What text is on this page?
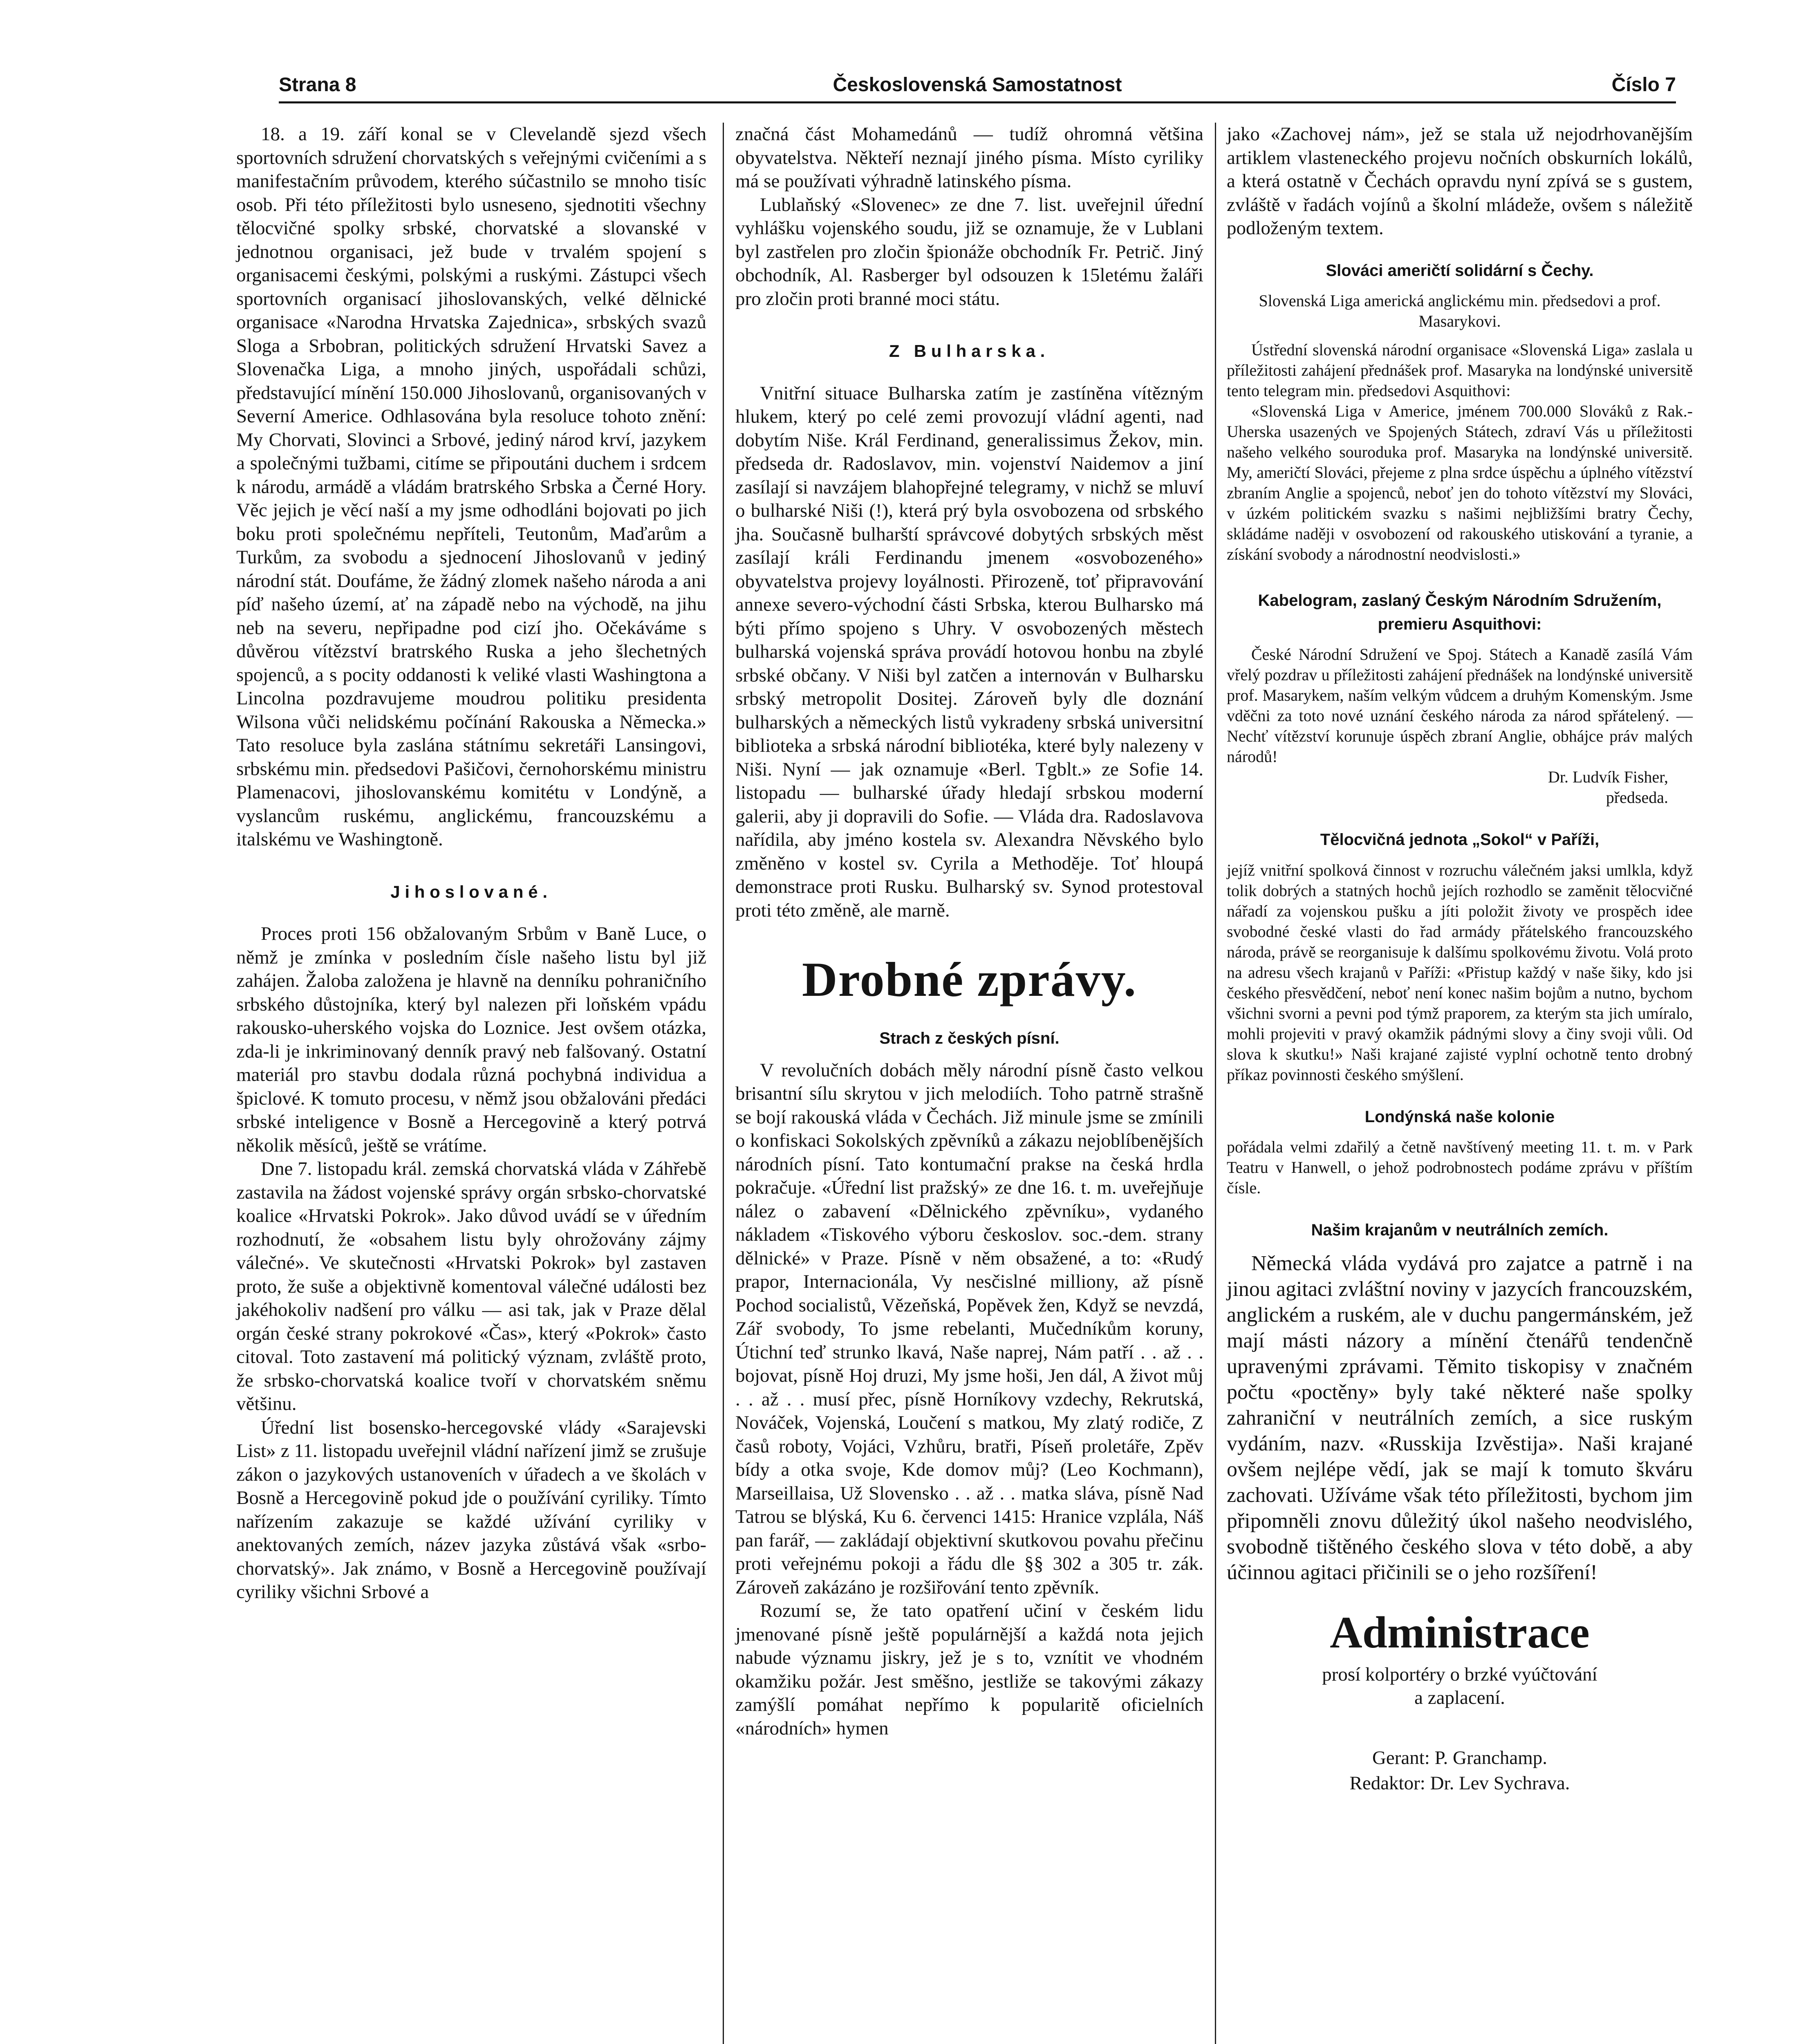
Strana 8	Československá Samostatnost	Číslo 7

18. a 19. září konal se v Clevelandě sjezd všech sportovních sdružení chorvatských s veřejnými cvičeními a s manifestačním průvodem, kterého súčastnilo se mnoho tisíc osob. Při této příležitosti bylo usneseno, sjednotiti všechny tělocvičné spolky srbské, chorvatské a slovanské v jednotnou organisaci, jež bude v trvalém spojení s organisacemi českými, polskými a ruskými. Zástupci všech sportovních organisací jihoslovanských, velké dělnické organisace «Narodna Hrvatska Zajednica», srbských svazů Sloga a Srbobran, politických sdružení Hrvatski Savez a Slovenačka Liga, a mnoho jiných, uspořádali schůzi, představující mínění 150.000 Jihoslovanů, organisovaných v Severní Americe. Odhlasována byla resoluce tohoto znění: My Chorvati, Slovinci a Srbové, jediný národ krví, jazykem a společnými tužbami, citíme se připoutáni duchem i srdcem k národu, armádě a vládám bratrského Srbska a Černé Hory. Věc jejich je věcí naší a my jsme odhodláni bojovati po jich boku proti společnému nepříteli, Teutonům, Maďarům a Turkům, za svobodu a sjednocení Jihoslovanů v jediný národní stát. Doufáme, že žádný zlomek našeho národa a ani píď našeho území, ať na západě nebo na východě, na jihu neb na severu, nepřipadne pod cizí jho. Očekáváme s důvěrou vítězství bratrského Ruska a jeho šlechetných spojenců, a s pocity oddanosti k veliké vlasti Washingtona a Lincolna pozdravujeme moudrou politiku presidenta Wilsona vůči nelidskému počínání Rakouska a Německa.» Tato resoluce byla zaslána státnímu sekretáři Lansingovi, srbskému min. předsedovi Pašičovi, černohorskému ministru Plamenacovi, jihoslovanskému komitétu v Londýně, a vyslancům ruskému, anglickému, francouzskému a italskému ve Washingtoně.

Jihoslované.

Proces proti 156 obžalovaným Srbům v Baně Luce, o němž je zmínka v posledním čísle našeho listu byl již zahájen. Žaloba založena je hlavně na denníku pohraničního srbského důstojníka, který byl nalezen při loňském vpádu rakousko-uherského vojska do Loznice. Jest ovšem otázka, zda-li je inkriminovaný denník pravý neb falšovaný. Ostatní materiál pro stavbu dodala různá pochybná individua a špiclové. K tomuto procesu, v němž jsou obžalováni předáci srbské inteligence v Bosně a Hercegovině a který potrvá několik měsíců, ještě se vrátíme.

Dne 7. listopadu král. zemská chorvatská vláda v Záhřebě zastavila na žádost vojenské správy orgán srbsko-chorvatské koalice «Hrvatski Pokrok». Jako důvod uvádí se v úředním rozhodnutí, že «obsahem listu byly ohrožovány zájmy válečné». Ve skutečnosti «Hrvatski Pokrok» byl zastaven proto, že suše a objektivně komentoval válečné události bez jakéhokoliv nadšení pro válku — asi tak, jak v Praze dělal orgán české strany pokrokové «Čas», který «Pokrok» často citoval. Toto zastavení má politický význam, zvláště proto, že srbsko-chorvatská koalice tvoří v chorvatském sněmu většinu.

Úřední list bosensko-hercegovské vlády «Sarajevski List» z 11. listopadu uveřejnil vládní nařízení jimž se zrušuje zákon o jazykových ustanoveních v úřadech a ve školách v Bosně a Hercegovině pokud jde o používání cyriliky. Tímto nařízením zakazuje se každé užívání cyriliky v anektovaných zemích, název jazyka zůstává však «srbo-chorvatský». Jak známo, v Bosně a Hercegovině používají cyriliky všichni Srbové a

značná část Mohamedánů — tudíž ohromná většina obyvatelstva. Někteří neznají jiného písma. Místo cyriliky má se používati výhradně latinského písma.

Lublaňský «Slovenec» ze dne 7. list. uveřejnil úřední vyhlášku vojenského soudu, již se oznamuje, že v Lublani byl zastřelen pro zločin špionáže obchodník Fr. Petrič. Jiný obchodník, Al. Rasberger byl odsouzen k 15letému žaláři pro zločin proti branné moci státu.

Z Bulharska.

Vnitřní situace Bulharska zatím je zastíněna vítězným hlukem, který po celé zemi provozují vládní agenti, nad dobytím Niše. Král Ferdinand, generalissimus Žekov, min. předseda dr. Radoslavov, min. vojenství Naidemov a jiní zasílají si navzájem blahopřejné telegramy, v nichž se mluví o bulharské Niši (!), která prý byla osvobozena od srbského jha. Současně bulharští správcové dobytých srbských měst zasílají králi Ferdinandu jmenem «osvobozeného» obyvatelstva projevy loyálnosti. Přirozeně, toť připravování annexe severo-východní části Srbska, kterou Bulharsko má býti přímo spojeno s Uhry. V osvobozených městech bulharská vojenská správa provádí hotovou honbu na zbylé srbské občany. V Niši byl zatčen a internován v Bulharsku srbský metropolit Dositej. Zároveň byly dle doznání bulharských a německých listů vykradeny srbská universitní biblioteka a srbská národní bibliotéka, které byly nalezeny v Niši. Nyní — jak oznamuje «Berl. Tgblt.» ze Sofie 14. listopadu — bulharské úřady hledají srbskou moderní galerii, aby ji dopravili do Sofie. — Vláda dra. Radoslavova nařídila, aby jméno kostela sv. Alexandra Něvského bylo změněno v kostel sv. Cyrila a Methoděje. Toť hloupá demonstrace proti Rusku. Bulharský sv. Synod protestoval proti této změně, ale marně.

Drobné zprávy.
Strach z českých písní.

V revolučních dobách měly národní písně často velkou brisantní sílu skrytou v jich melodiích. Toho patrně strašně se bojí rakouská vláda v Čechách. Již minule jsme se zmínili o konfiskaci Sokolských zpěvníků a zákazu nejoblíbenějších národních písní. Tato kontumační prakse na česká hrdla pokračuje. «Úřední list pražský» ze dne 16. t. m. uveřejňuje nález o zabavení «Dělnického zpěvníku», vydaného nákladem «Tiskového výboru českoslov. soc.-dem. strany dělnické» v Praze. Písně v něm obsažené, a to: «Rudý prapor, Internacionála, Vy nesčislné milliony, až písně Pochod socialistů, Vězeňská, Popěvek žen, Když se nevzdá, Zář svobody, To jsme rebelanti, Mučedníkům koruny, Útichní teď strunko lkavá, Naše naprej, Nám patří . . až . . bojovat, písně Hoj druzi, My jsme hoši, Jen dál, A život můj . . až . . musí přec, písně Horníkovy vzdechy, Rekrutská, Nováček, Vojenská, Loučení s matkou, My zlatý rodiče, Z časů roboty, Vojáci, Vzhůru, bratři, Píseň proletáře, Zpěv bídy a otka svoje, Kde domov můj? (Leo Kochmann), Marseillaisa, Už Slovensko . . až . . matka sláva, písně Nad Tatrou se blýská, Ku 6. červenci 1415: Hranice vzplála, Náš pan farář, — zakládají objektivní skutkovou povahu přečinu proti veřejnému pokoji a řádu dle §§ 302 a 305 tr. zák. Zároveň zakázáno je rozšiřování tento zpěvník.

Rozumí se, že tato opatření učiní v českém lidu jmenované písně ještě populárnější a každá nota jejich nabude významu jiskry, jež je s to, vznítit ve vhodném okamžiku požár. Jest směšno, jestliže se takovými zákazy zamýšlí pomáhat nepřímo k popularitě oficielních «národních» hymen

jako «Zachovej nám», jež se stala už nejodrhovanějším artiklem vlasteneckého projevu nočních obskurních lokálů, a která ostatně v Čechách opravdu nyní zpívá se s gustem, zvláště v řadách vojínů a školní mládeže, ovšem s náležitě podloženým textem.

Slováci američtí solidární s Čechy.

Slovenská Liga americká anglickému min. předsedovi a prof. Masarykovi.

Ústřední slovenská národní organisace «Slovenská Liga» zaslala u příležitosti zahájení přednášek prof. Masaryka na londýnské universitě tento telegram min. předsedovi Asquithovi:

«Slovenská Liga v Americe, jménem 700.000 Slováků z Rak.-Uherska usazených ve Spojených Státech, zdraví Vás u příležitosti našeho velkého souroduka prof. Masaryka na londýnské universitě. My, američtí Slováci, přejeme z plna srdce úspěchu a úplného vítězství zbraním Anglie a spojenců, neboť jen do tohoto vítězství my Slováci, v úzkém politickém svazku s našimi nejbližšími bratry Čechy, skládáme naději v osvobození od rakouského utiskování a tyranie, a získání svobody a národnostní neodvislosti.»

Kabelogram, zaslaný Českým Národním Sdružením, premieru Asquithovi:

České Národní Sdružení ve Spoj. Státech a Kanadě zasílá Vám vřelý pozdrav u příležitosti zahájení přednášek na londýnské universitě prof. Masarykem, naším velkým vůdcem a druhým Komenským. Jsme vděčni za toto nové uznání českého národa za národ spřátelený. — Nechť vítězství korunuje úspěch zbraní Anglie, obhájce práv malých národů!

Dr. Ludvík Fisher,
předseda.
Tělocvičná jednota „Sokol“ v Paříži,

jejíž vnitřní spolková činnost v rozruchu válečném jaksi umlkla, když tolik dobrých a statných hochů jejích rozhodlo se zaměnit tělocvičné nářadí za vojenskou pušku a jíti položit životy ve prospěch idee svobodné české vlasti do řad armády přátelského francouzského národa, právě se reorganisuje k dalšímu spolkovému životu. Volá proto na adresu všech krajanů v Paříži: «Přistup každý v naše šiky, kdo jsi českého přesvědčení, neboť není konec našim bojům a nutno, bychom všichni svorni a pevni pod týmž praporem, za kterým sta jich umíralo, mohli projeviti v pravý okamžik pádnými slovy a činy svoji vůli. Od slova k skutku!» Naši krajané zajisté vyplní ochotně tento drobný příkaz povinnosti českého smýšlení.

Londýnská naše kolonie

pořádala velmi zdařilý a četně navštívený meeting 11. t. m. v Park Teatru v Hanwell, o jehož podrobnostech podáme zprávu v příštím čísle.

Našim krajanům v neutrálních zemích.

Německá vláda vydává pro zajatce a patrně i na jinou agitaci zvláštní noviny v jazycích francouzském, anglickém a ruském, ale v duchu pangermánském, jež mají másti názory a mínění čtenářů tendenčně upravenými zprávami. Těmito tiskopisy v značném počtu «poctěny» byly také některé naše spolky zahraniční v neutrálních zemích, a sice ruským vydáním, nazv. «Russkija Izvěstija». Naši krajané ovšem nejlépe vědí, jak se mají k tomuto škváru zachovati. Užíváme však této příležitosti, bychom jim připomněli znovu důležitý úkol našeho neodvislého, svobodně tištěného českého slova v této době, a aby účinnou agitaci přičinili se o jeho rozšíření!

Administrace

prosí kolportéry o brzké vyúčtování

a zaplacení.

Gerant: P. Granchamp.
Redaktor: Dr. Lev Sychrava.
